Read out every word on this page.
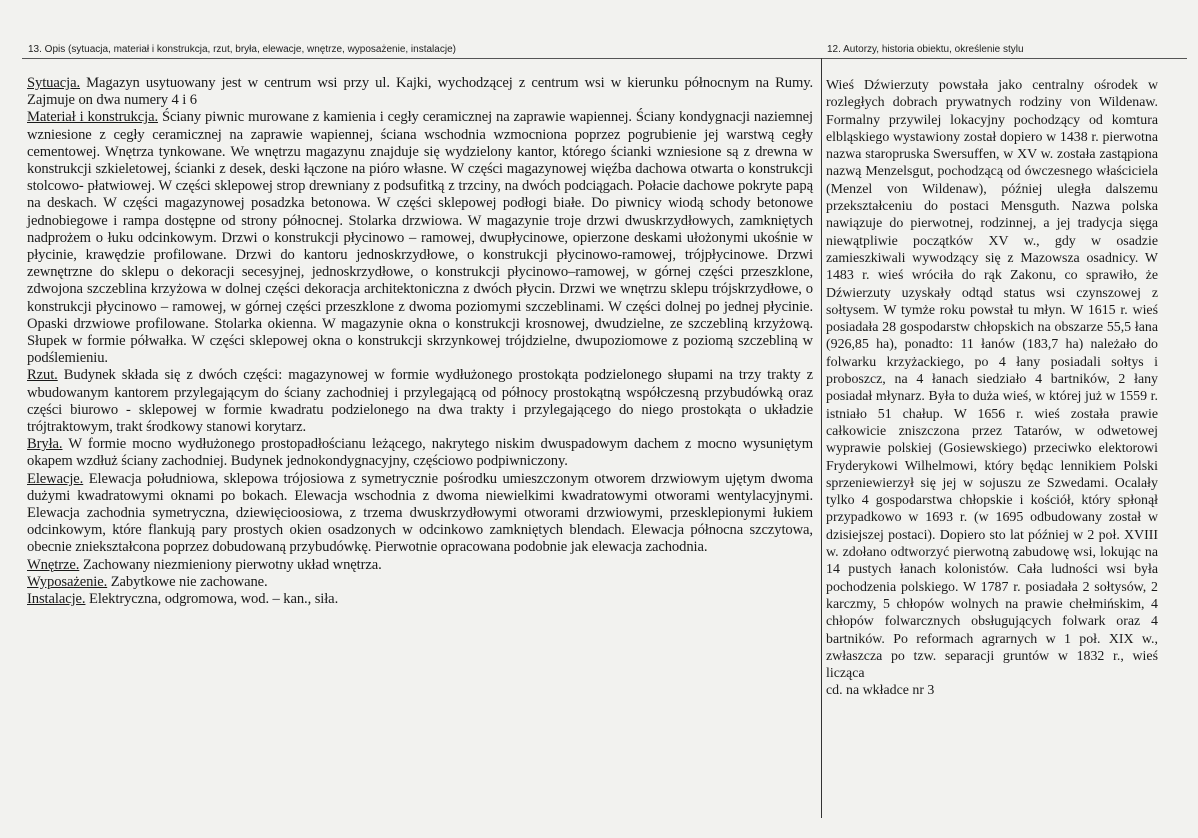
13. Opis (sytuacja, materiał i konstrukcja, rzut, bryła, elewacje, wnętrze, wyposażenie, instalacje)	12. Autorzy, historia obiektu, określenie stylu

Sytuacja. Magazyn usytuowany jest w centrum wsi przy ul. Kajki, wychodzącej z centrum wsi w kierunku północnym na Rumy. Zajmuje on dwa numery 4 i 6

Materiał i konstrukcja. Ściany piwnic murowane z kamienia i cegły ceramicznej na zaprawie wapiennej. Ściany kondygnacji naziemnej wzniesione z cegły ceramicznej na zaprawie wapiennej, ściana wschodnia wzmocniona poprzez pogrubienie jej warstwą cegły cementowej. Wnętrza tynkowane. We wnętrzu magazynu znajduje się wydzielony kantor, którego ścianki wzniesione są z drewna w konstrukcji szkieletowej, ścianki z desek, deski łączone na pióro własne. W części magazynowej więźba dachowa otwarta o konstrukcji stolcowo- płatwiowej. W części sklepowej strop drewniany z podsufitką z trzciny, na dwóch podciągach. Połacie dachowe pokryte papą na deskach. W części magazynowej posadzka betonowa. W części sklepowej podłogi białe. Do piwnicy wiodą schody betonowe jednobiegowe i rampa dostępne od strony północnej. Stolarka drzwiowa. W magazynie troje drzwi dwuskrzydłowych, zamkniętych nadprożem o łuku odcinkowym. Drzwi o konstrukcji płycinowo – ramowej, dwupłycinowe, opierzone deskami ułożonymi ukośnie w płycinie, krawędzie profilowane. Drzwi do kantoru jednoskrzydłowe, o konstrukcji płycinowo-ramowej, trójpłycinowe. Drzwi zewnętrzne do sklepu o dekoracji secesyjnej, jednoskrzydłowe, o konstrukcji płycinowo–ramowej, w górnej części przeszklone, zdwojona szczeblina krzyżowa w dolnej części dekoracja architektoniczna z dwóch płycin. Drzwi we wnętrzu sklepu trójskrzydłowe, o konstrukcji płycinowo – ramowej, w górnej części przeszklone z dwoma poziomymi szczeblinami. W części dolnej po jednej płycinie. Opaski drzwiowe profilowane. Stolarka okienna. W magazynie okna o konstrukcji krosnowej, dwudzielne, ze szczebliną krzyżową. Słupek w formie półwałka. W części sklepowej okna o konstrukcji skrzynkowej trójdzielne, dwupoziomowe z poziomą szczebliną w podślemieniu.

Rzut. Budynek składa się z dwóch części: magazynowej w formie wydłużonego prostokąta podzielonego słupami na trzy trakty z wbudowanym kantorem przylegającym do ściany zachodniej i przylegającą od północy prostokątną współczesną przybudówką oraz części biurowo - sklepowej w formie kwadratu podzielonego na dwa trakty i przylegającego do niego prostokąta o układzie trójtraktowym, trakt środkowy stanowi korytarz.

Bryła. W formie mocno wydłużonego prostopadłościanu leżącego, nakrytego niskim dwuspadowym dachem z mocno wysuniętym okapem wzdłuż ściany zachodniej. Budynek jednokondygnacyjny, częściowo podpiwniczony.

Elewacje. Elewacja południowa, sklepowa trójosiowa z symetrycznie pośrodku umieszczonym otworem drzwiowym ujętym dwoma dużymi kwadratowymi oknami po bokach. Elewacja wschodnia z dwoma niewielkimi kwadratowymi otworami wentylacyjnymi. Elewacja zachodnia symetryczna, dziewięcioosiowa, z trzema dwuskrzydłowymi otworami drzwiowymi, przesklepionymi łukiem odcinkowym, które flankują pary prostych okien osadzonych w odcinkowo zamkniętych blendach. Elewacja północna szczytowa, obecnie zniekształcona poprzez dobudowaną przybudówkę. Pierwotnie opracowana podobnie jak elewacja zachodnia.

Wnętrze. Zachowany niezmieniony pierwotny układ wnętrza.

Wyposażenie. Zabytkowe nie zachowane.

Instalacje. Elektryczna, odgromowa, wod. – kan., siła.

Wieś Dźwierzuty powstała jako centralny ośrodek w rozległych dobrach prywatnych rodziny von Wildenaw. Formalny przywilej lokacyjny pochodzący od komtura elbląskiego wystawiony został dopiero w 1438 r. pierwotna nazwa staropruska Swersuffen, w XV w. została zastąpiona nazwą Menzelsgut, pochodzącą od ówczesnego właściciela (Menzel von Wildenaw), później uległa dalszemu przekształceniu do postaci Mensguth. Nazwa polska nawiązuje do pierwotnej, rodzinnej, a jej tradycja sięga niewątpliwie początków XV w., gdy w osadzie zamieszkiwali wywodzący się z Mazowsza osadnicy. W 1483 r. wieś wróciła do rąk Zakonu, co sprawiło, że Dźwierzuty uzyskały odtąd status wsi czynszowej z sołtysem. W tymże roku powstał tu młyn. W 1615 r. wieś posiadała 28 gospodarstw chłopskich na obszarze 55,5 łana (926,85 ha), ponadto: 11 łanów (183,7 ha) należało do folwarku krzyżackiego, po 4 łany posiadali sołtys i proboszcz, na 4 łanach siedziało 4 bartników, 2 łany posiadał młynarz. Była to duża wieś, w której już w 1559 r. istniało 51 chałup. W 1656 r. wieś została prawie całkowicie zniszczona przez Tatarów, w odwetowej wyprawie polskiej (Gosiewskiego) przeciwko elektorowi Fryderykowi Wilhelmowi, który będąc lennikiem Polski sprzeniewierzył się jej w sojuszu ze Szwedami. Ocalały tylko 4 gospodarstwa chłopskie i kościół, który spłonął przypadkowo w 1693 r. (w 1695 odbudowany został w dzisiejszej postaci). Dopiero sto lat później w 2 poł. XVIII w. zdołano odtworzyć pierwotną zabudowę wsi, lokując na 14 pustych łanach kolonistów. Cała ludności wsi była pochodzenia polskiego. W 1787 r. posiadała 2 sołtysów, 2 karczmy, 5 chłopów wolnych na prawie chełmińskim, 4 chłopów folwarcznych obsługujących folwark oraz 4 bartników. Po reformach agrarnych w 1 poł. XIX w., zwłaszcza po tzw. separacji gruntów w 1832 r., wieś licząca
cd. na wkładce nr 3
